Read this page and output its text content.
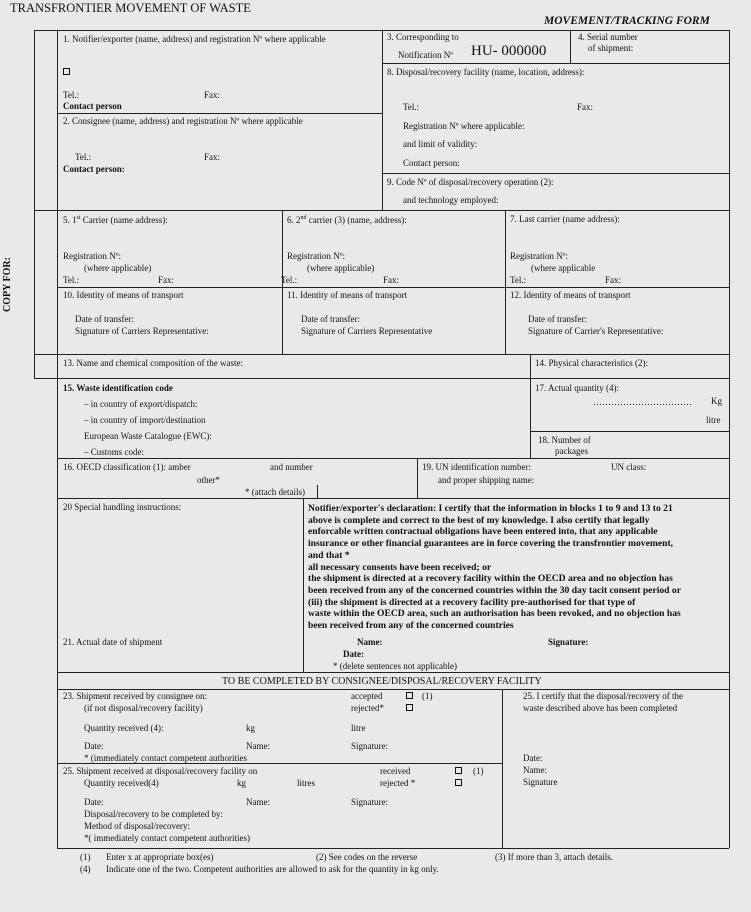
TRANSFRONTIER MOVEMENT OF WASTE
MOVEMENT/TRACKING FORM
COPY FOR:
1. Notifier/exporter (name, address) and registration Nº where applicable
Tel.:	Fax:
Contact person
2. Consignee (name, address) and registration Nº where applicable
Tel.:	Fax:
Contact person:
3. Corresponding to
Notification Nº HU- 000000
4. Serial number
of shipment:
8. Disposal/recovery facility (name, location, address):
Tel.:	Fax:
Registration Nº where applicable:
and limit of validity:
Contact person:
9. Code Nº of disposal/recovery operation (2):
and technology employed:
5. 1st Carrier (name address):
Registration Nº:
(where applicable)
Tel.:	Fax:
6. 2nd carrier (3) (name, address):
Registration Nº:
(where applicable)
Tel.:	Fax:
7. Last carrier (name address):
Registration Nº:
(where applicable
Tel.:	Fax:
10. Identity of means of transport
Date of transfer:
Signature of Carriers Representative:
11. Identity of means of transport
Date of transfer:
Signature of Carriers Representative
12. Identity of means of transport
Date of transfer:
Signature of Carrier's Representative:
13. Name and chemical composition of the waste:	14. Physical characteristics (2):
15. Waste identification code
– in country of export/dispatch:
– in country of import/destination
European Waste Catalogue (EWC):
– Customs code:
17. Actual quantity (4):
…………………………… Kg
litre
18. Number of
packages
16. OECD classification (1): amber	and number
other*
* (attach details)
19. UN identification number:	UN class:
and proper shipping name:
20 Special handling instructions:
21. Actual date of shipment
Notifier/exporter's declaration: I certify that the information in blocks 1 to 9 and 13 to 21
above is complete and correct to the best of my knowledge. I also certify that legally
enforcable written contractual obligations have been entered into, that any applicable
insurance or other financial guarantees are in force covering the transfrontier movement,
and that *
all necessary consents have been received; or
the shipment is directed at a recovery facility within the OECD area and no objection has
been received from any of the concerned countries within the 30 day tacit consent period or
(iii) the shipment is directed at a recovery facility pre-authorised for that type of
waste within the OECD area, such an authorisation has been revoked, and no objection has
been received from any of the concerned countries
Name:	Signature:
Date:
* (delete sentences not applicable)
TO BE COMPLETED BY CONSIGNEE/DISPOSAL/RECOVERY FACILITY
23. Shipment received by consignee on:
(if not disposal/recovery facility)
accepted	(1)
rejected*
Quantity received (4):	kg	litre
Date:	Name:	Signature:
* (immediately contact competent authorities
25. I certify that the disposal/recovery of the
waste described above has been completed
Date:
Name:
Signature
25. Shipment received at disposal/recovery facility on	received	(1)
Quantity received(4)	kg	litres	rejected *
Date:	Name:	Signature:
Disposal/recovery to be completed by:
Method of disposal/recovery:
*( immediately contact competent authorities)
(1) Enter x at appropriate box(es)	(2) See codes on the reverse	(3) If more than 3, attach details.
(4) Indicate one of the two. Competent authorities are allowed to ask for the quantity in kg only.
